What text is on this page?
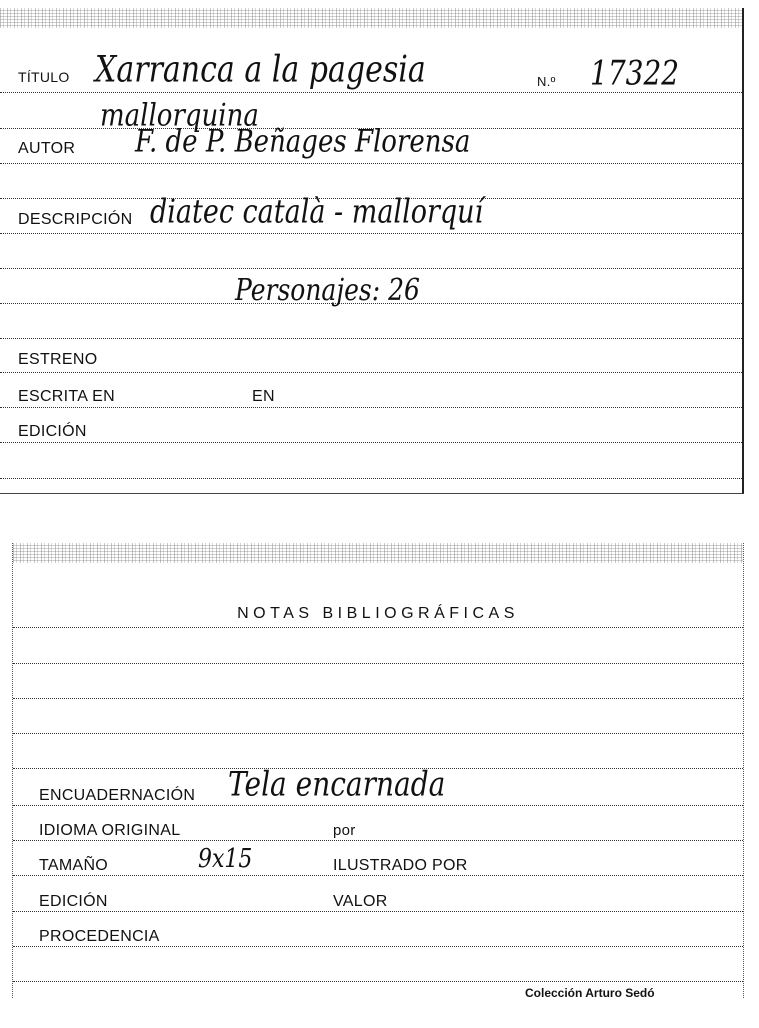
TÍTULO Xarranca a la pagesia	N.º 17322
mallorquina
AUTOR F. de P. Beñages Florensa
DESCRIPCIÓN diatec català - mallorquí
Personajes: 26
ESTRENO
ESCRITA EN	EN
EDICIÓN
NOTAS BIBLIOGRÁFICAS
ENCUADERNACIÓN Tela encarnada
IDIOMA ORIGINAL	por
TAMAÑO	9x15	ILUSTRADO POR
EDICIÓN	VALOR
PROCEDENCIA
Colección Arturo Sedó
